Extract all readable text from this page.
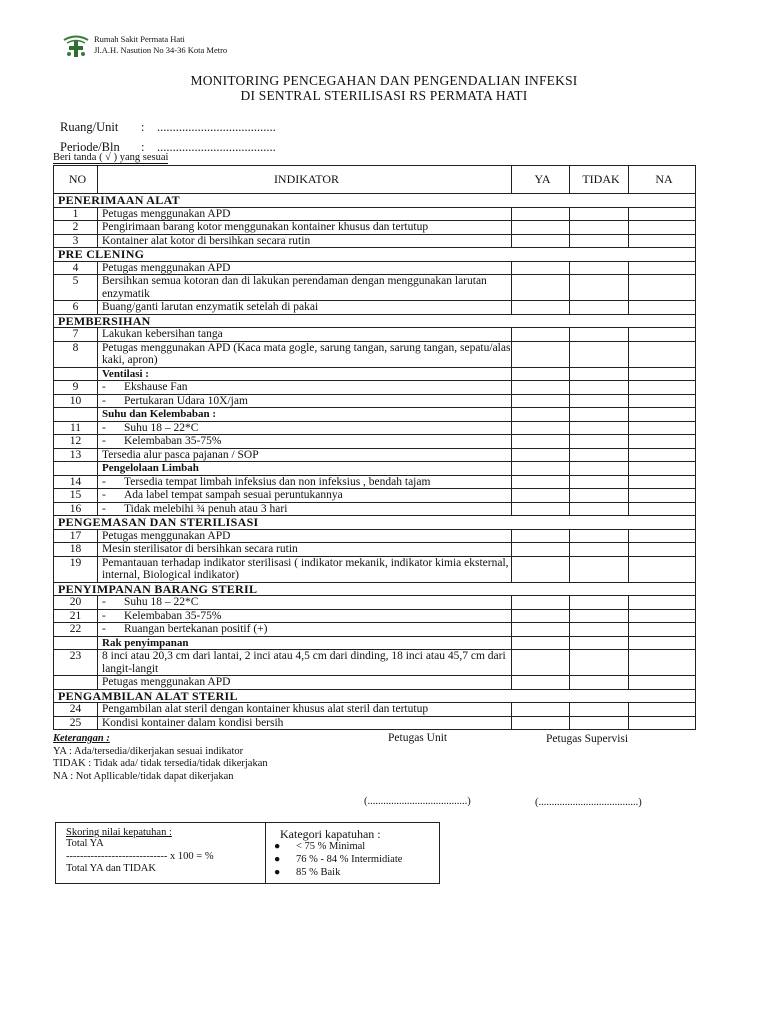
Rumah Sakit Permata Hati
Jl.A.H. Nasution No 34-36 Kota Metro
MONITORING PENCEGAHAN DAN PENGENDALIAN INFEKSI
DI SENTRAL STERILISASI RS PERMATA HATI
Ruang/Unit : ......................................
Periode/Bln : ......................................
Beri tanda ( √ ) yang sesuai
NO	INDIKATOR	YA	TIDAK	NA
PENERIMAAN ALAT				
1	Petugas menggunakan APD			
2	Pengirimaan barang kotor menggunakan kontainer khusus dan tertutup			
3	Kontainer alat kotor di bersihkan secara rutin			
PRE CLENING				
4	Petugas menggunakan APD			
5	Bersihkan semua kotoran dan di lakukan perendaman dengan menggunakan larutan enzymatik			
6	Buang/ganti larutan enzymatik setelah di pakai			
PEMBERSIHAN				
7	Lakukan kebersihan tanga			
8	Petugas menggunakan APD (Kaca mata gogle, sarung tangan, sarung tangan, sepatu/alas kaki, apron)			
	Ventilasi :			
9	- Ekshause Fan			
10	- Pertukaran Udara 10X/jam			
	Suhu dan Kelembaban :			
11	- Suhu 18 – 22*C			
12	- Kelembaban 35-75%			
13	Tersedia alur pasca pajanan / SOP			
	Pengelolaan Limbah			
14	- Tersedia tempat limbah infeksius dan non infeksius , bendah tajam			
15	- Ada label tempat sampah sesuai peruntukannya			
16	- Tidak melebihi ¾ penuh atau 3 hari			
PENGEMASAN DAN STERILISASI				
17	Petugas menggunakan APD			
18	Mesin sterilisator di bersihkan secara rutin			
19	Pemantauan terhadap indikator sterilisasi ( indikator mekanik, indikator kimia eksternal, internal, Biological indikator)			
PENYIMPANAN BARANG STERIL				
20	- Suhu 18 – 22*C			
21	- Kelembaban 35-75%			
22	- Ruangan bertekanan positif (+)			
	Rak penyimpanan			
23	8 inci atau 20,3 cm dari lantai, 2 inci atau 4,5 cm dari dinding, 18 inci atau 45,7 cm dari langit-langit			
	Petugas menggunakan APD			
PENGAMBILAN ALAT STERIL				
24	Pengambilan alat steril dengan kontainer khusus alat steril dan tertutup			
25	Kondisi kontainer dalam kondisi bersih			
Keterangan :
YA : Ada/tersedia/dikerjakan sesuai indikator
TIDAK : Tidak ada/ tidak tersedia/tidak dikerjakan
NA : Not Apllicable/tidak dapat dikerjakan
Petugas Unit	Petugas Supervisi
(......................................)	(......................................)
Skoring nilai kepatuhan :
Total YA
----------------------------- x 100 = %
Total YA dan TIDAK
Kategori kapatuhan :
● < 75 % Minimal
● 76 % - 84 % Intermidiate
● 85 % Baik
